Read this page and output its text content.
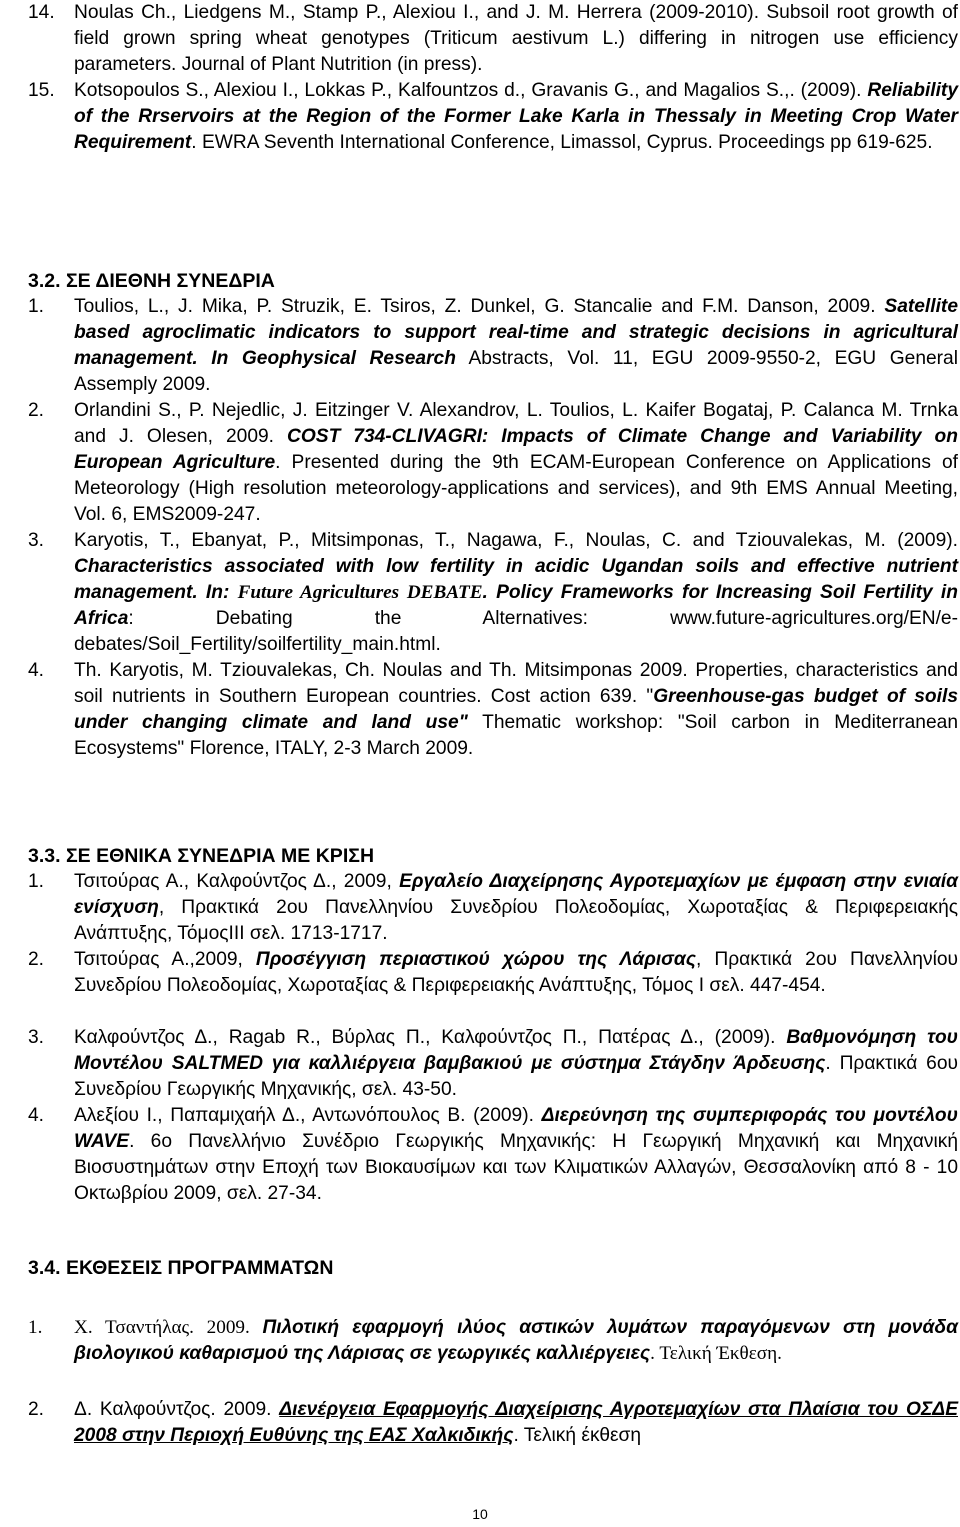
14. Noulas Ch., Liedgens M., Stamp P., Alexiou I., and J. M. Herrera (2009-2010). Subsoil root growth of field grown spring wheat genotypes (Triticum aestivum L.) differing in nitrogen use efficiency parameters. Journal of Plant Nutrition (in press).
15. Kotsopoulos S., Alexiou I., Lokkas P., Kalfountzos d., Gravanis G., and Magalios S.,. (2009). Reliability of the Rrservoirs at the Region of the Former Lake Karla in Thessaly in Meeting Crop Water Requirement. EWRA Seventh International Conference, Limassol, Cyprus. Proceedings pp 619-625.
3.2. ΣΕ ΔΙΕΘΝΗ ΣΥΝΕΔΡΙΑ
1. Toulios, L., J. Mika, P. Struzik, E. Tsiros, Z. Dunkel, G. Stancalie and F.M. Danson, 2009. Satellite based agroclimatic indicators to support real-time and strategic decisions in agricultural management. In Geophysical Research Abstracts, Vol. 11, EGU 2009-9550-2, EGU General Assemply 2009.
2. Orlandini S., P. Nejedlic, J. Eitzinger V. Alexandrov, L. Toulios, L. Kaifer Bogataj, P. Calanca M. Trnka and J. Olesen, 2009. COST 734-CLIVAGRI: Impacts of Climate Change and Variability on European Agriculture. Presented during the 9th ECAM-European Conference on Applications of Meteorology (High resolution meteorology-applications and services), and 9th EMS Annual Meeting, Vol. 6, EMS2009-247.
3. Karyotis, T., Ebanyat, P., Mitsimponas, T., Nagawa, F., Noulas, C. and Tziouvalekas, M. (2009). Characteristics associated with low fertility in acidic Ugandan soils and effective nutrient management. In: Future Agricultures DEBATE. Policy Frameworks for Increasing Soil Fertility in Africa: Debating the Alternatives: www.future-agricultures.org/EN/e-debates/Soil_Fertility/soilfertility_main.html.
4. Th. Karyotis, M. Tziouvalekas, Ch. Noulas and Th. Mitsimponas 2009. Properties, characteristics and soil nutrients in Southern European countries. Cost action 639. "Greenhouse-gas budget of soils under changing climate and land use" Thematic workshop: "Soil carbon in Mediterranean Ecosystems" Florence, ITALY, 2-3 March 2009.
3.3. ΣΕ ΕΘΝΙΚΑ ΣΥΝΕΔΡΙΑ ΜΕ ΚΡΙΣΗ
1. Τσιτούρας Α., Καλφούντζος Δ., 2009, Εργαλείο Διαχείρησης Αγροτεμαχίων με έμφαση στην ενιαία ενίσχυση, Πρακτικά 2ου Πανελληνίου Συνεδρίου Πολεοδομίας, Χωροταξίας & Περιφερειακής Ανάπτυξης, ΤόμοςΙΙΙ σελ. 1713-1717.
2. Τσιτούρας Α.,2009, Προσέγγιση περιαστικού χώρου της Λάρισας, Πρακτικά 2ου Πανελληνίου Συνεδρίου Πολεοδομίας, Χωροταξίας & Περιφερειακής Ανάπτυξης, Τόμος Ι σελ. 447-454.
3. Καλφούντζος Δ., Ragab R., Βύρλας Π., Καλφούντζος Π., Πατέρας Δ., (2009). Βαθμονόμηση του Μοντέλου SALTMED για καλλιέργεια βαμβακιού με σύστημα Στάγδην Άρδευσης. Πρακτικά 6ου Συνεδρίου Γεωργικής Μηχανικής, σελ. 43-50.
4. Αλεξίου Ι., Παπαμιχαήλ Δ., Αντωνόπουλος Β. (2009). Διερεύνηση της συμπεριφοράς του μοντέλου WAVE. 6ο Πανελλήνιο Συνέδριο Γεωργικής Μηχανικής: Η Γεωργική Μηχανική και Μηχανική Βιοσυστημάτων στην Εποχή των Βιοκαυσίμων και των Κλιματικών Αλλαγών, Θεσσαλονίκη από 8 - 10 Οκτωβρίου 2009, σελ. 27-34.
3.4. ΕΚΘΕΣΕΙΣ ΠΡΟΓΡΑΜΜΑΤΩΝ
1. Χ. Τσαντήλας. 2009. Πιλοτική εφαρμογή ιλύος αστικών λυμάτων παραγόμενων στη μονάδα βιολογικού καθαρισμού της Λάρισας σε γεωργικές καλλιέργειες. Τελική Έκθεση.
2. Δ. Καλφούντζος. 2009. Διενέργεια Εφαρμογής Διαχείρισης Αγροτεμαχίων στα Πλαίσια του ΟΣΔΕ 2008 στην Περιοχή Ευθύνης της ΕΑΣ Χαλκιδικής. Τελική έκθεση
10
